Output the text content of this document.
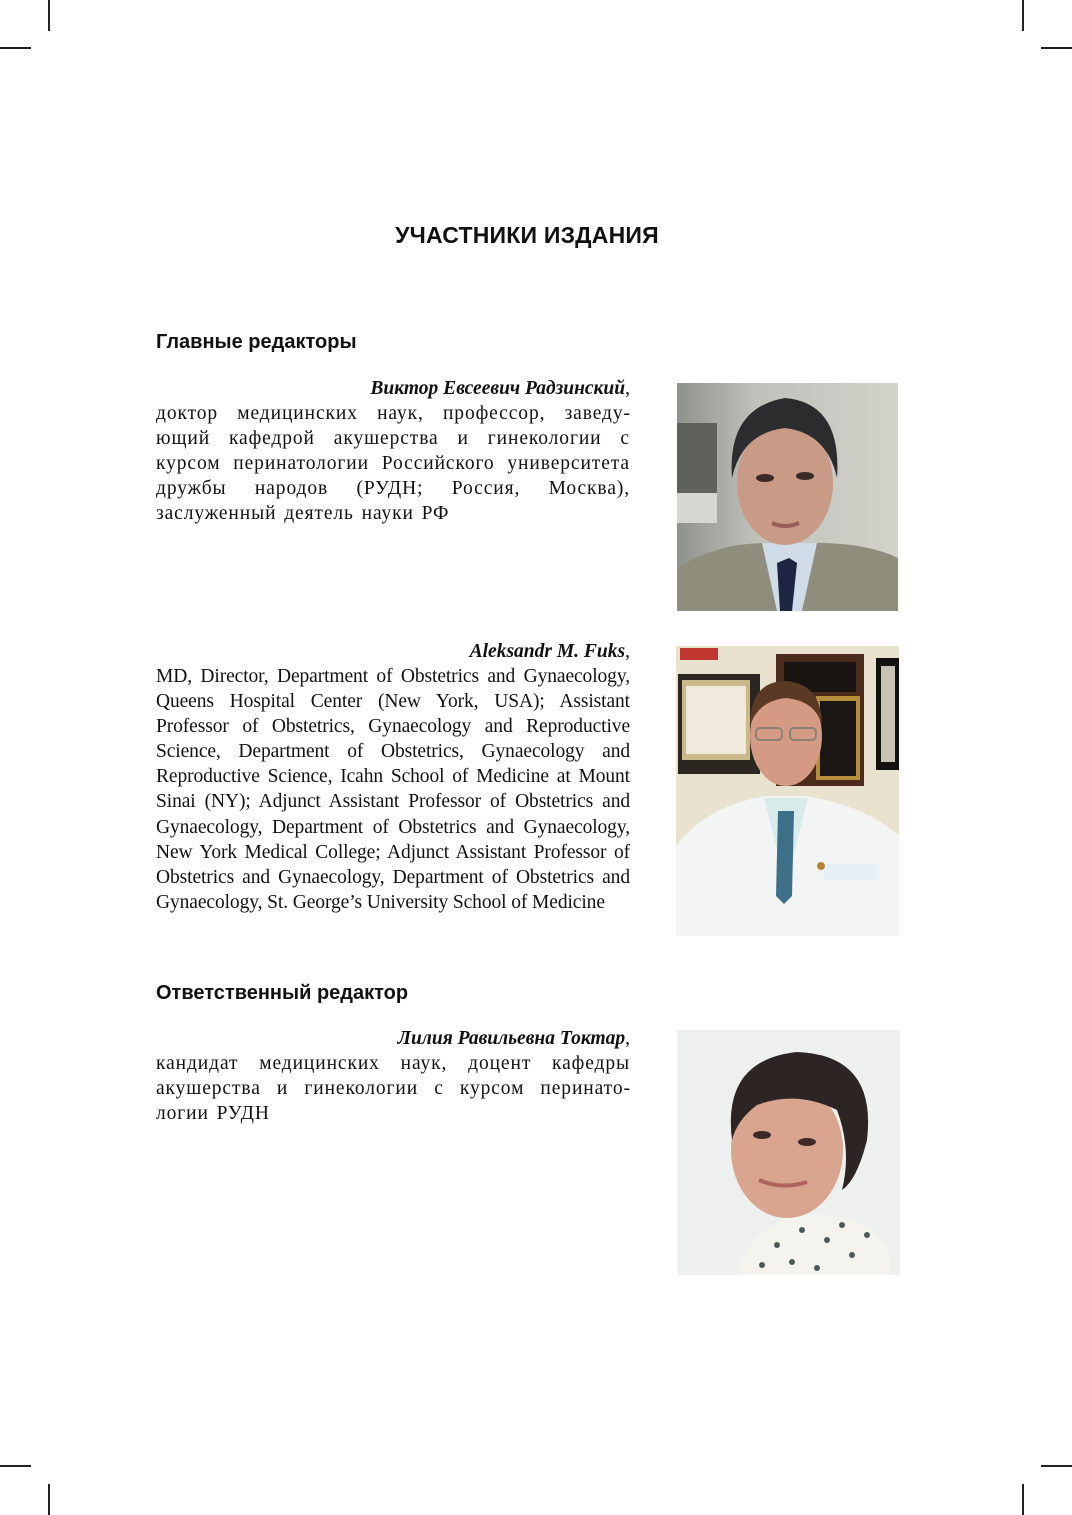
УЧАСТНИКИ ИЗДАНИЯ
Главные редакторы

Виктор Евсеевич Радзинский,

доктор медицинских наук, профессор, заведующий кафедрой акушерства и гинекологии с курсом перинатологии Российского университета дружбы народов (РУДН; Россия, Москва), заслуженный деятель науки РФ

Aleksandr M. Fuks,

MD, Director, Department of Obstetrics and Gynaecology, Queens Hospital Center (New York, USA); Assistant Professor of Obstetrics, Gynaecology and Reproductive Science, Department of Obstetrics, Gynaecology and Reproductive Science, Icahn School of Medicine at Mount Sinai (NY); Adjunct Assistant Professor of Obstetrics and Gynaecology, Department of Obstetrics and Gynaecology, New York Medical College; Adjunct Assistant Professor of Obstetrics and Gynaecology, Department of Obstetrics and Gynaecology, St. George’s University School of Medicine

Ответственный редактор

Лилия Равильевна Токтар,

кандидат медицинских наук, доцент кафедры акушерства и гинекологии с курсом перинатологии РУДН
